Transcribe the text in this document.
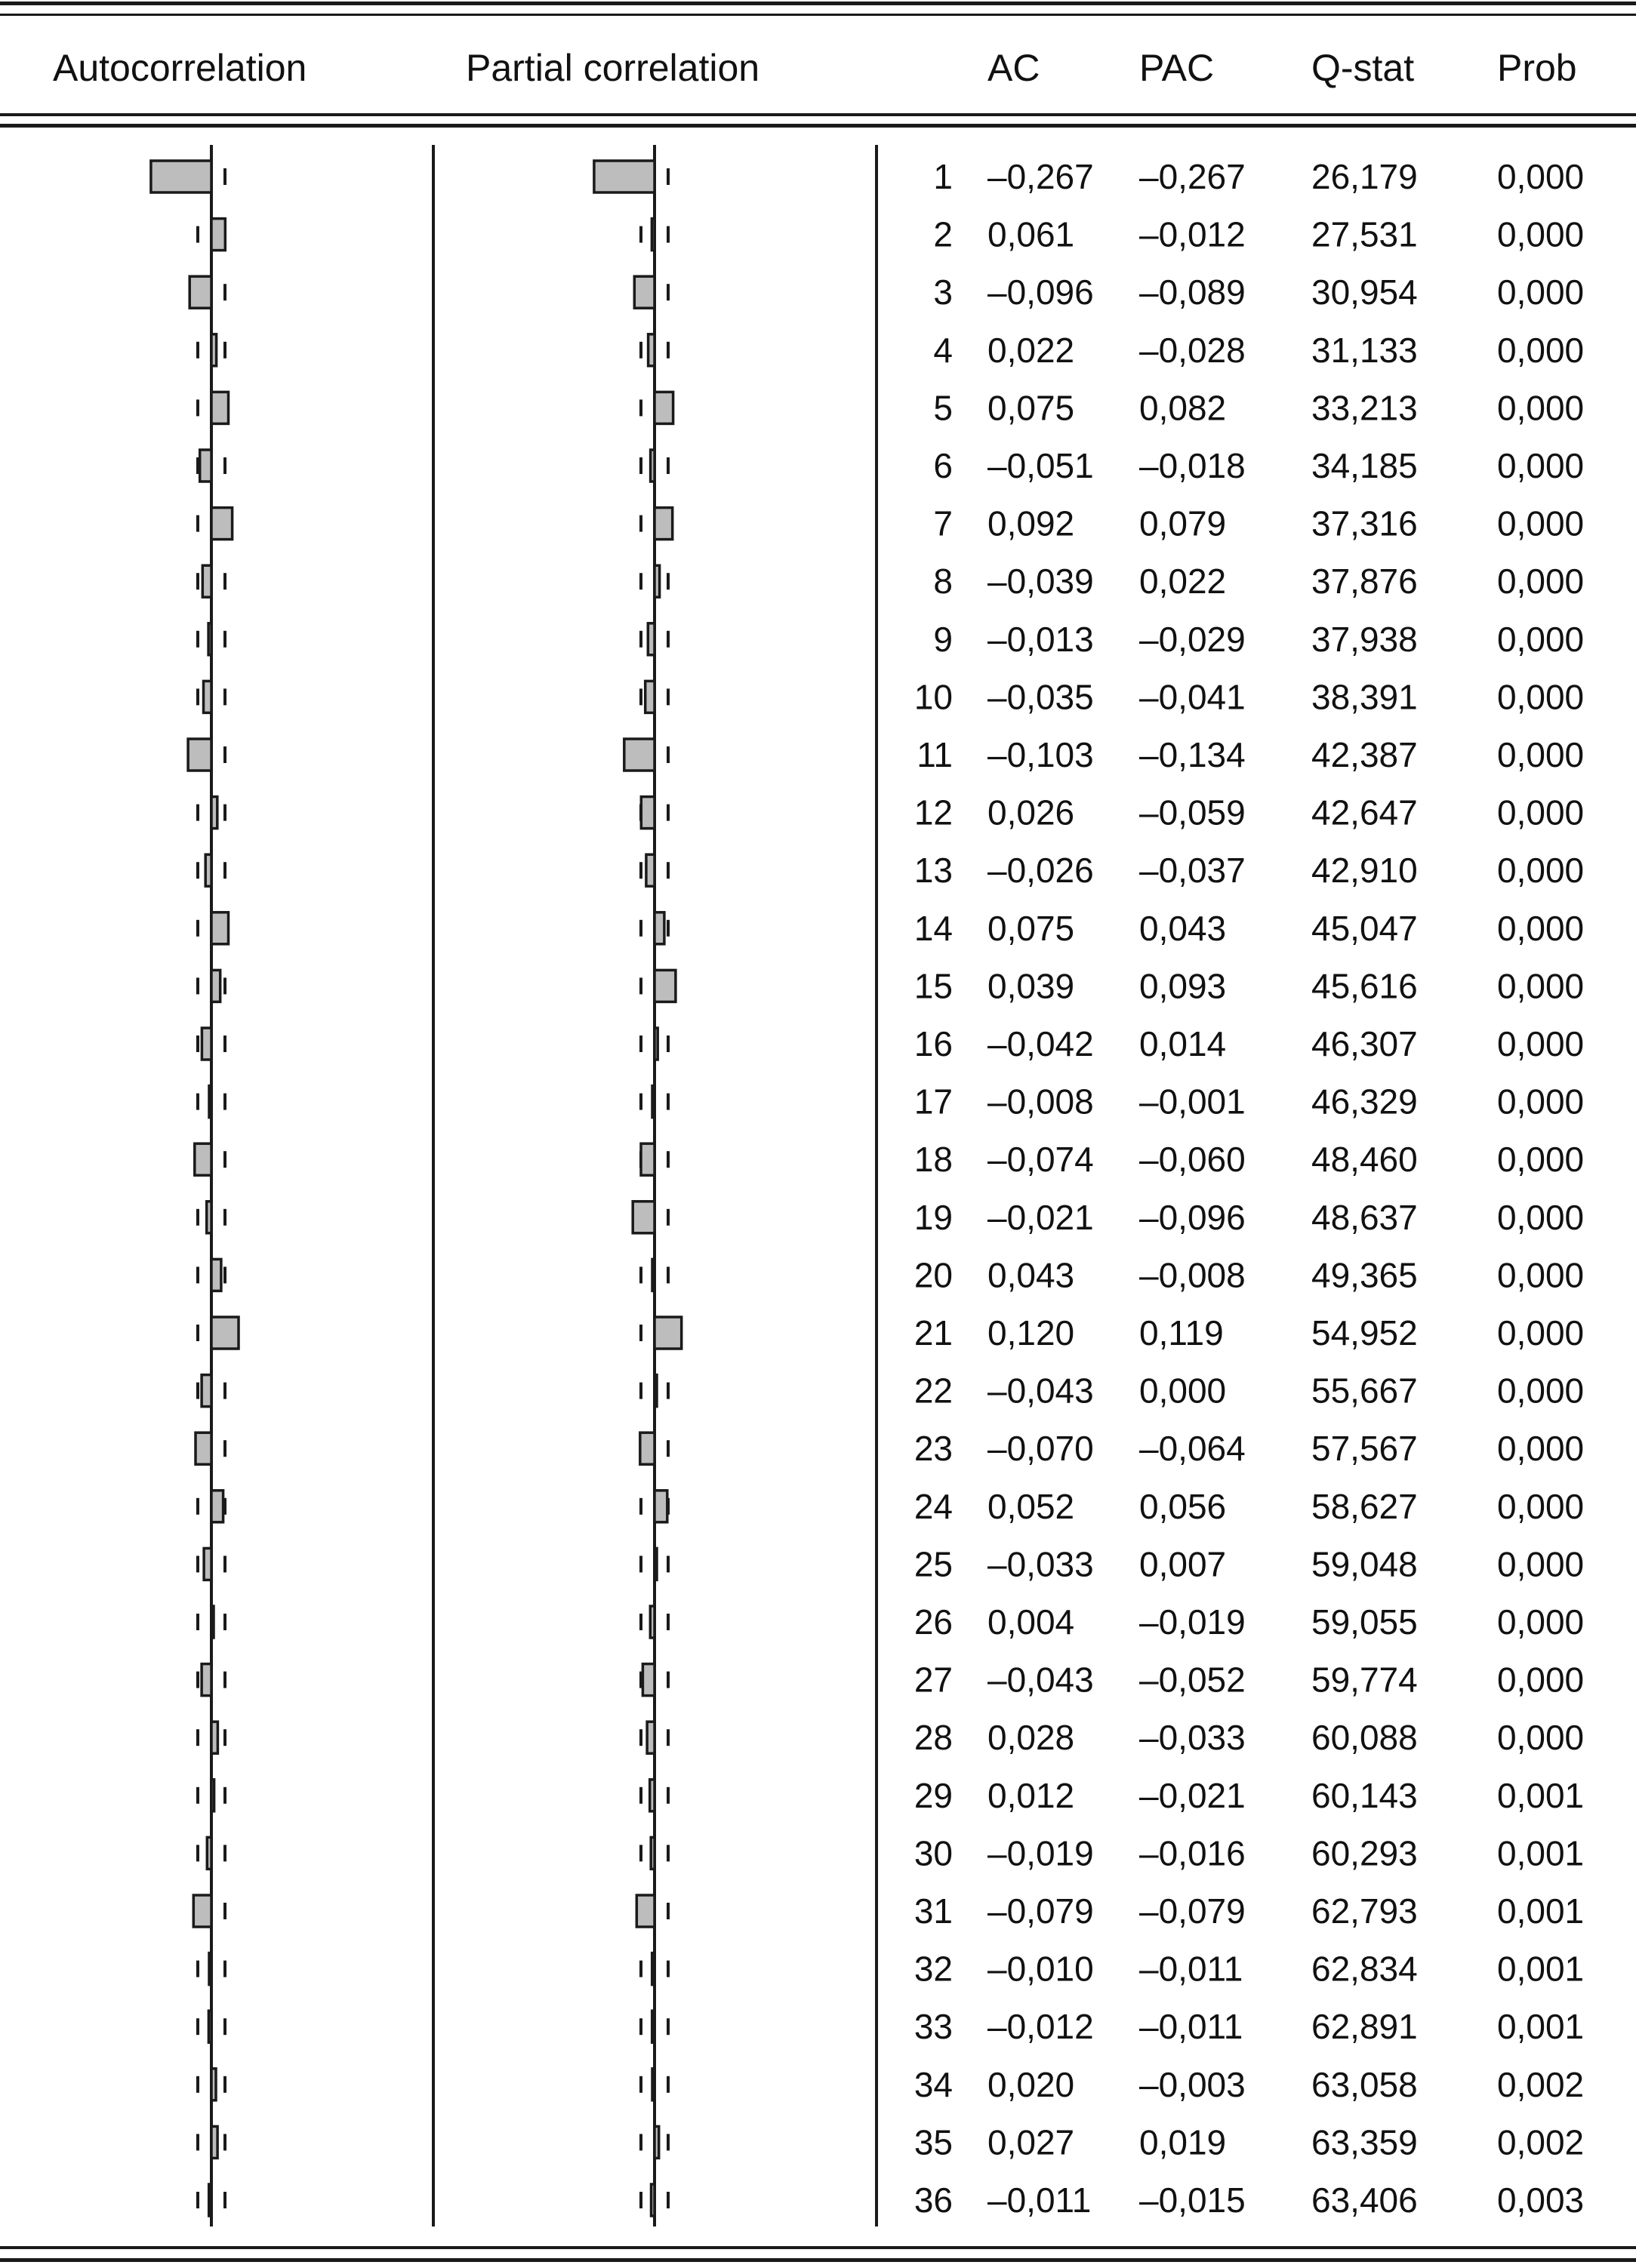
Autocorrelation	Partial correlation	AC	PAC	Q-stat Prob
1 –0,267 –0,267 26,179 0,000
2 0,061 –0,012 27,531 0,000
3 –0,096 –0,089 30,954 0,000
4 0,022 –0,028 31,133 0,000
5 0,075 0,082 33,213 0,000
6 –0,051 –0,018 34,185 0,000
7 0,092 0,079 37,316 0,000
8 –0,039 0,022 37,876 0,000
9 –0,013 –0,029 37,938 0,000
10 –0,035 –0,041 38,391 0,000
11 –0,103 –0,134 42,387 0,000
12 0,026 –0,059 42,647 0,000
13 –0,026 –0,037 42,910 0,000
14 0,075 0,043 45,047 0,000
15 0,039 0,093 45,616 0,000
16 –0,042 0,014 46,307 0,000
17 –0,008 –0,001 46,329 0,000
18 –0,074 –0,060 48,460 0,000
19 –0,021 –0,096 48,637 0,000
20 0,043 –0,008 49,365 0,000
21 0,120 0,119	54,952 0,000
22 –0,043 0,000 55,667 0,000
23 –0,070 –0,064 57,567 0,000
24 0,052 0,056 58,627 0,000
25 –0,033 0,007 59,048 0,000
26 0,004 –0,019 59,055 0,000
27 –0,043 –0,052 59,774 0,000
28 0,028 –0,033 60,088 0,000
29 0,012 –0,021 60,143 0,001
30 –0,019 –0,016 60,293 0,001
31 –0,079 –0,079 62,793 0,001
32 –0,010 –0,011 62,834 0,001
33 –0,012 –0,011 62,891 0,001
34 0,020 –0,003 63,058 0,002
35 0,027 0,019 63,359 0,002
36 –0,011 –0,015 63,406 0,003
